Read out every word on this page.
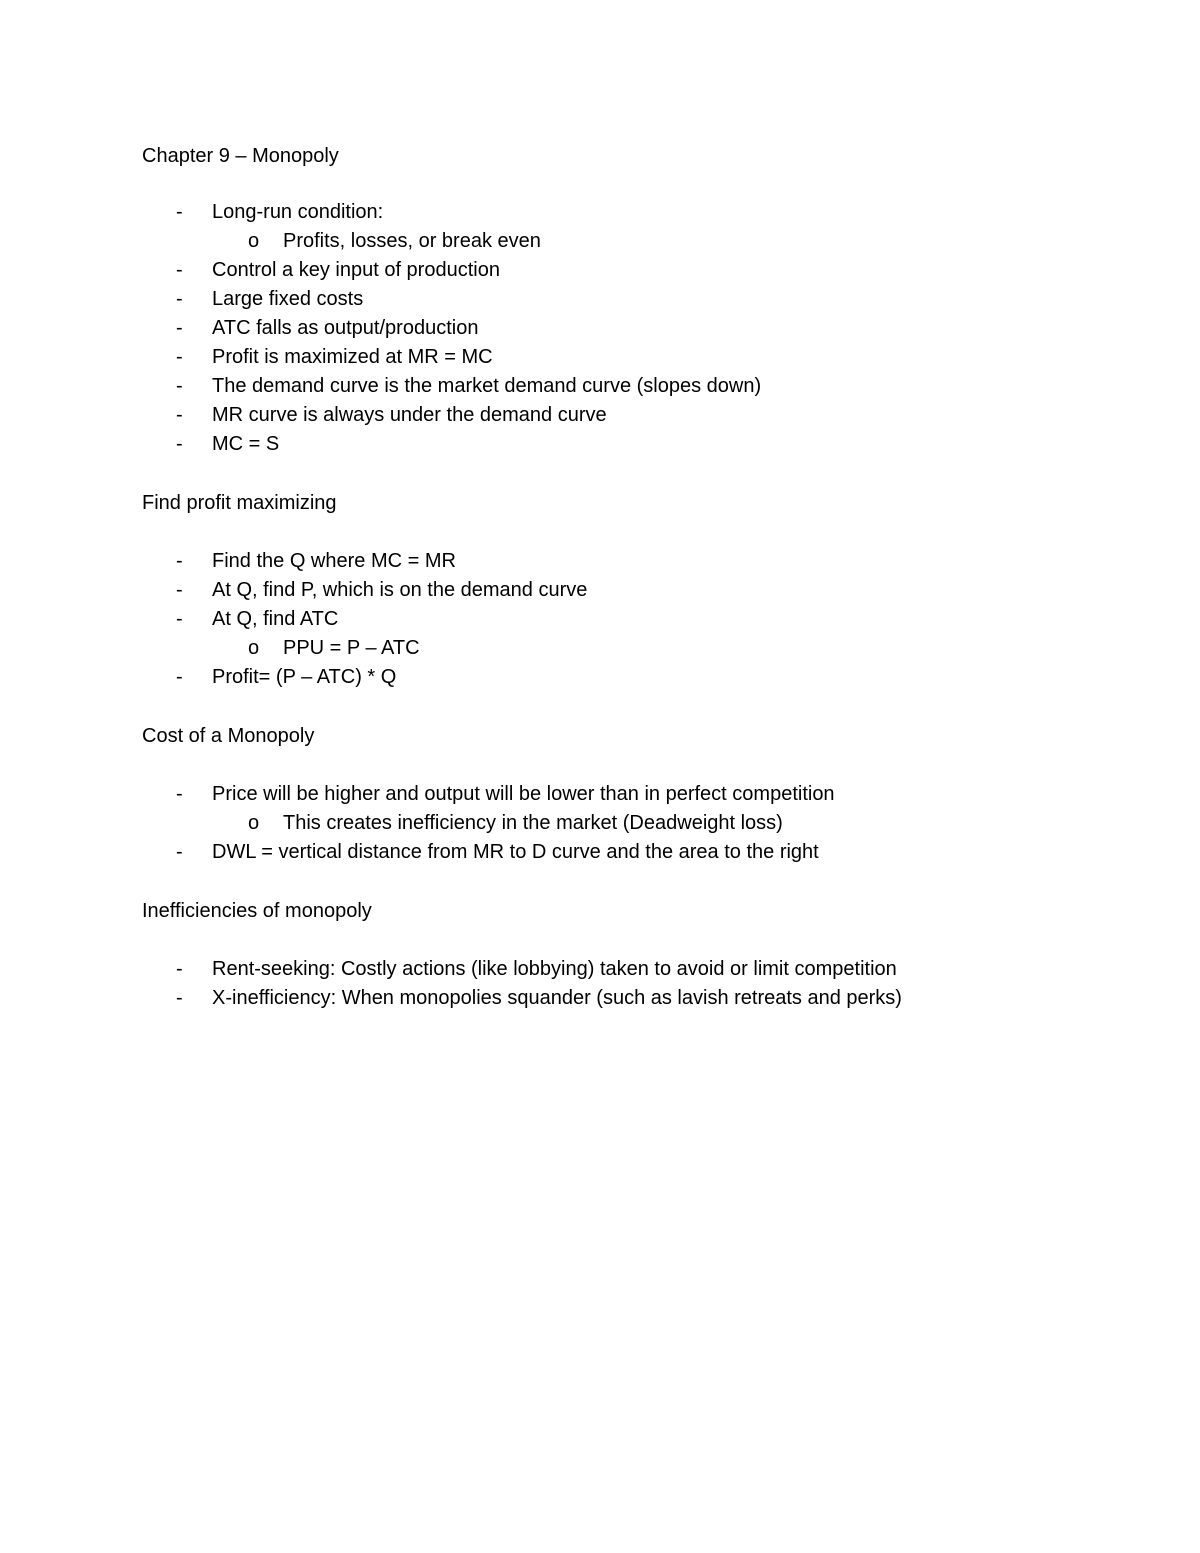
Chapter 9 – Monopoly
- Long-run condition:
o Profits, losses, or break even
- Control a key input of production
- Large fixed costs
- ATC falls as output/production
- Profit is maximized at MR = MC
- The demand curve is the market demand curve (slopes down)
- MR curve is always under the demand curve
- MC = S
Find profit maximizing
- Find the Q where MC = MR
- At Q, find P, which is on the demand curve
- At Q, find ATC
o PPU = P – ATC
- Profit= (P – ATC) * Q
Cost of a Monopoly
- Price will be higher and output will be lower than in perfect competition
o This creates inefficiency in the market (Deadweight loss)
- DWL = vertical distance from MR to D curve and the area to the right
Inefficiencies of monopoly
- Rent-seeking: Costly actions (like lobbying) taken to avoid or limit competition
- X-inefficiency: When monopolies squander (such as lavish retreats and perks)
